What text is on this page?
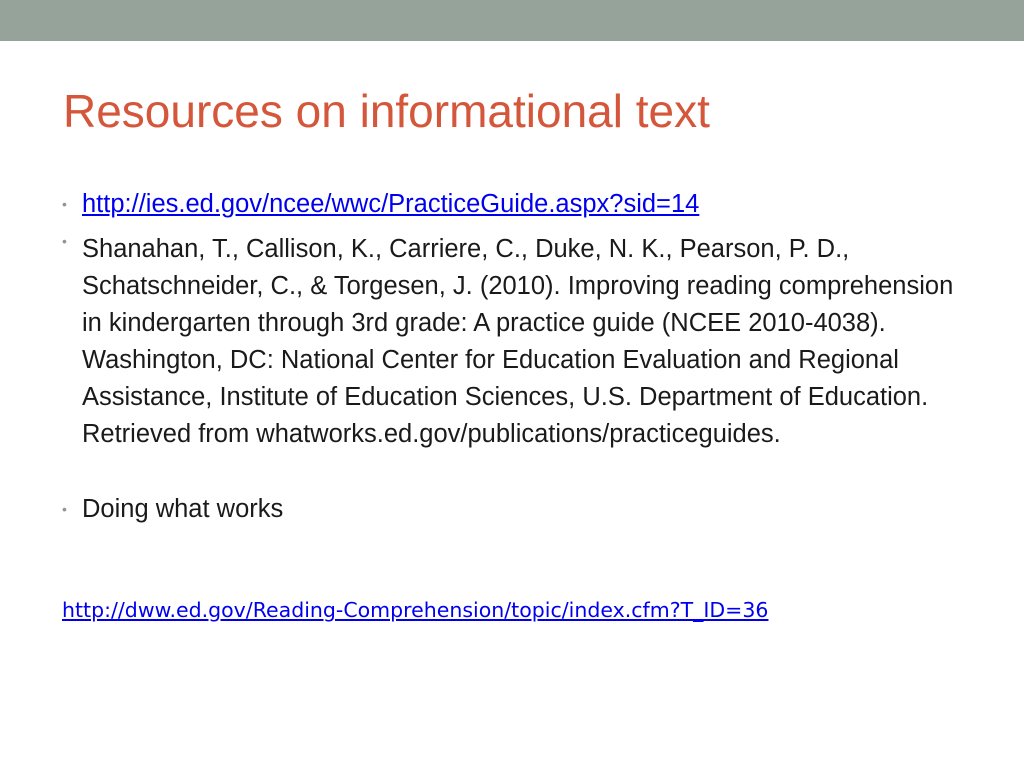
Resources on informational text
• http://ies.ed.gov/ncee/wwc/PracticeGuide.aspx?sid=14
• Shanahan, T., Callison, K., Carriere, C., Duke, N. K., Pearson, P. D., Schatschneider, C., & Torgesen, J. (2010). Improving reading comprehension in kindergarten through 3rd grade: A practice guide (NCEE 2010-4038). Washington, DC: National Center for Education Evaluation and Regional Assistance, Institute of Education Sciences, U.S. Department of Education. Retrieved from whatworks.ed.gov/publications/practiceguides.
• Doing what works
http://dww.ed.gov/Reading-Comprehension/topic/index.cfm?T_ID=36
